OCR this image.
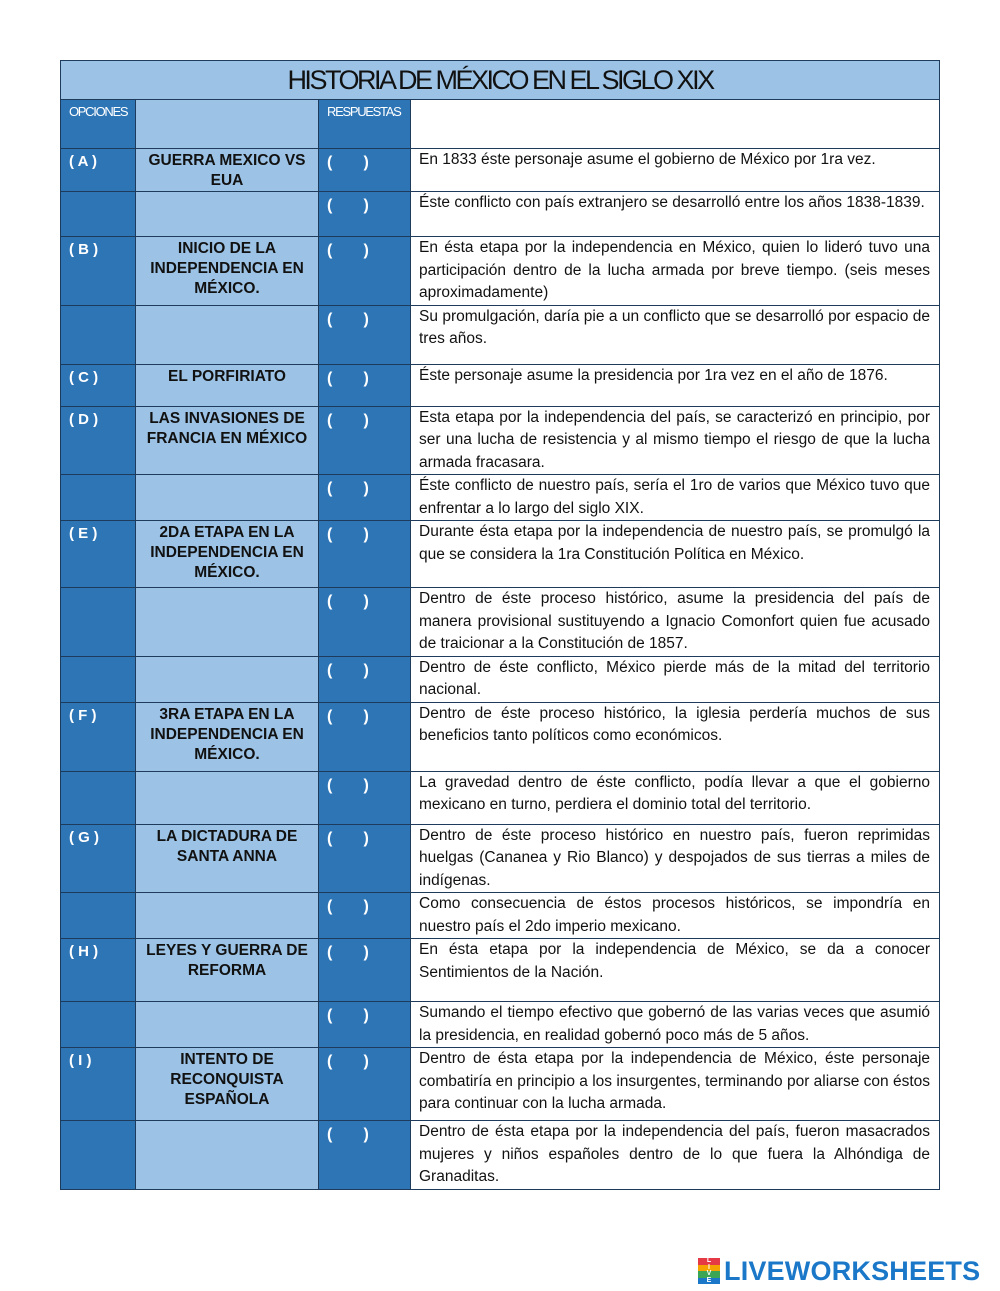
HISTORIA DE MÉXICO EN EL SIGLO XIX			
OPCIONES		RESPUESTAS	
( A )	GUERRA MEXICO VS EUA	(       )	En 1833 éste personaje asume el gobierno de México por 1ra vez.
		(       )	Éste conflicto con país extranjero se desarrolló entre los años 1838-1839.
( B )	INICIO DE LA INDEPENDENCIA EN MÉXICO.	(       )	En ésta etapa por la independencia en México, quien lo lideró tuvo una participación dentro de la lucha armada por breve tiempo. (seis meses aproximadamente)
		(       )	Su promulgación, daría pie a un conflicto que se desarrolló por espacio de tres años.
( C )	EL PORFIRIATO	(       )	Éste personaje asume la presidencia por 1ra vez en el año de 1876.
( D )	LAS INVASIONES DE FRANCIA EN MÉXICO	(       )	Esta etapa por la independencia del país, se caracterizó en principio, por ser una lucha de resistencia y al mismo tiempo el riesgo de que la lucha armada fracasara.
		(       )	Éste conflicto de nuestro país, sería el 1ro de varios que México tuvo que enfrentar a lo largo del siglo XIX.
( E )	2DA ETAPA EN LA INDEPENDENCIA EN MÉXICO.	(       )	Durante ésta etapa por la independencia de nuestro país, se promulgó la que se considera la 1ra Constitución Política en México.
		(       )	Dentro de éste proceso histórico, asume la presidencia del país de manera provisional sustituyendo a Ignacio Comonfort quien fue acusado de traicionar a la Constitución de 1857.
		(       )	Dentro de éste conflicto, México pierde más de la mitad del territorio nacional.
( F )	3RA ETAPA EN LA INDEPENDENCIA EN MÉXICO.	(       )	Dentro de éste proceso histórico, la iglesia perdería muchos de sus beneficios tanto políticos como económicos.
		(       )	La gravedad dentro de éste conflicto, podía llevar a que el gobierno mexicano en turno, perdiera el dominio total del territorio.
( G )	LA DICTADURA DE SANTA ANNA	(       )	Dentro de éste proceso histórico en nuestro país, fueron reprimidas huelgas (Cananea y Rio Blanco) y despojados de sus tierras a miles de indígenas.
		(       )	Como consecuencia de éstos procesos históricos, se impondría en nuestro país el 2do imperio mexicano.
( H )	LEYES Y GUERRA DE REFORMA	(       )	En ésta etapa por la independencia de México, se da a conocer Sentimientos de la Nación.
		(       )	Sumando el tiempo efectivo que gobernó de las varias veces que asumió la presidencia, en realidad gobernó poco más de 5 años.
( I )	INTENTO DE RECONQUISTA ESPAÑOLA	(       )	Dentro de ésta etapa por la independencia de México, éste personaje combatiría en principio a los insurgentes, terminando por aliarse con éstos para continuar con la lucha armada.
		(       )	Dentro de ésta etapa por la independencia del país, fueron masacrados mujeres y niños españoles dentro de lo que fuera la Alhóndiga de Granaditas.
L
I
V
E LIVEWORKSHEETS
